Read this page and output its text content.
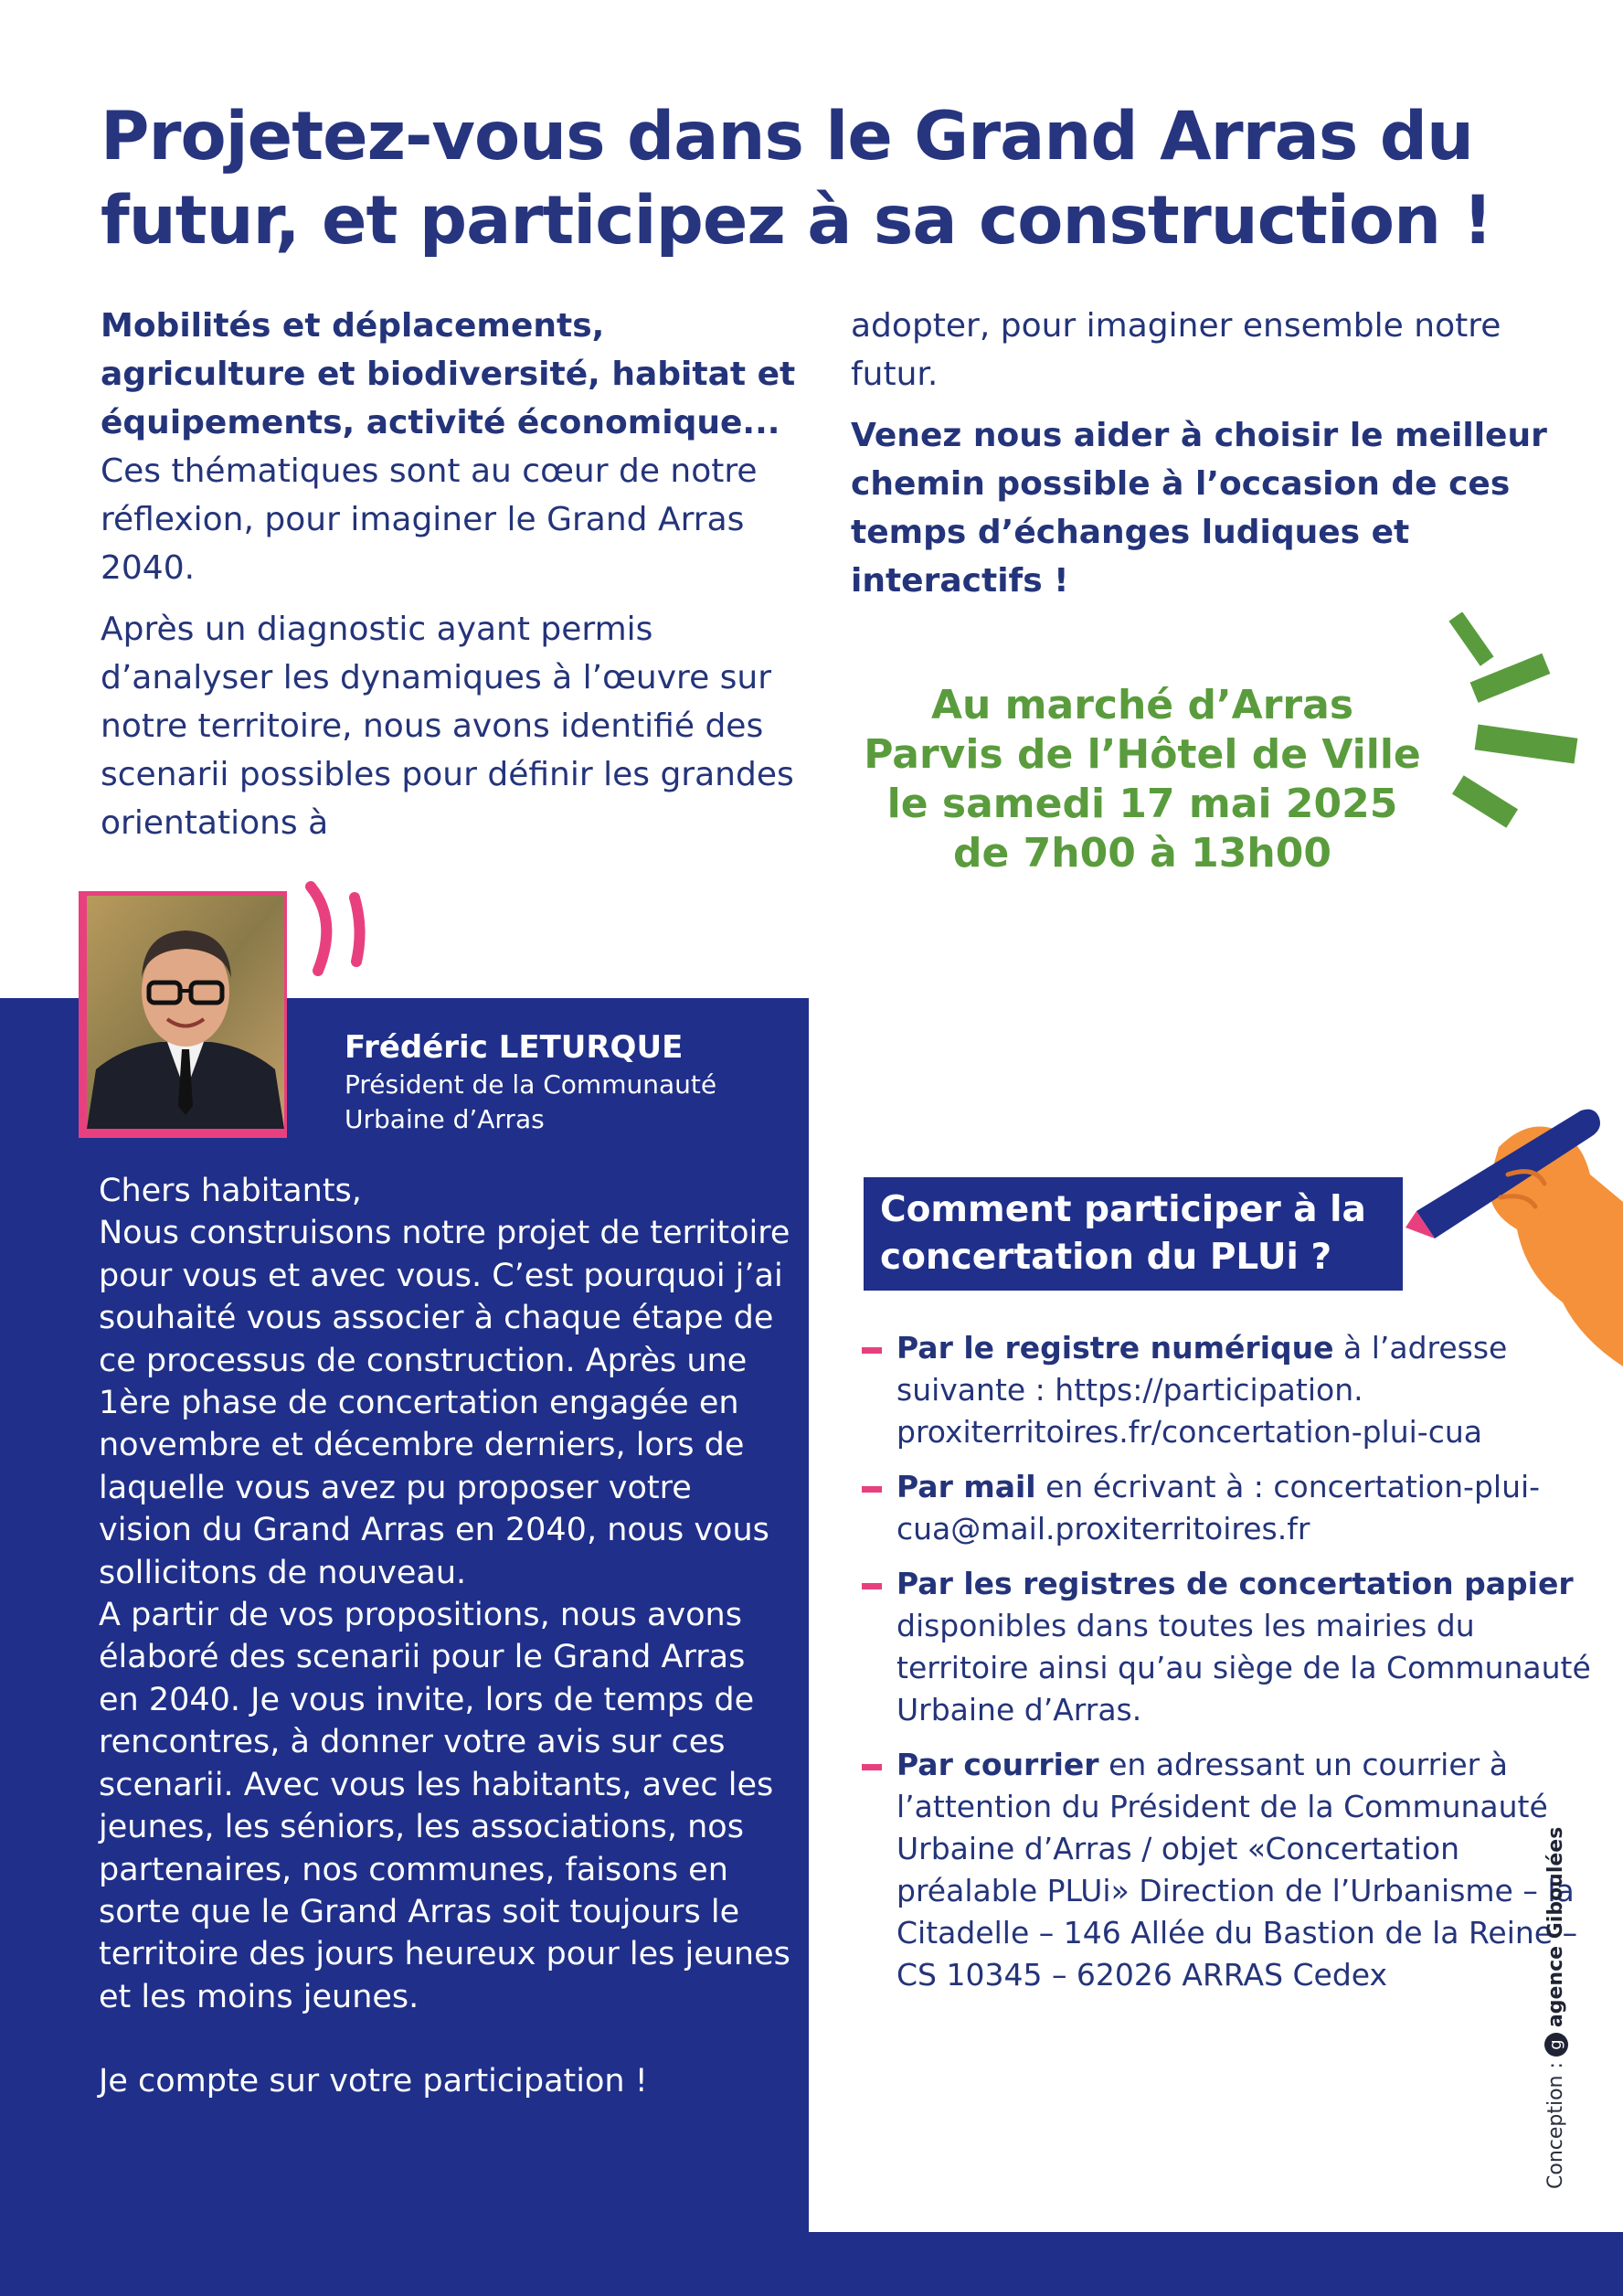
Projetez-vous dans le Grand Arras du futur, et participez à sa construction !

Mobilités et déplacements, agriculture et biodiversité, habitat et équipements, activité économique... Ces thématiques sont au cœur de notre réflexion, pour imaginer le Grand Arras 2040.

Après un diagnostic ayant permis d’analyser les dynamiques à l’œuvre sur notre territoire, nous avons identifié des scenarii possibles pour définir les grandes orientations à

adopter, pour imaginer ensemble notre futur.

Venez nous aider à choisir le meilleur chemin possible à l’occasion de ces temps d’échanges ludiques et interactifs !

Au marché d’Arras
Parvis de l’Hôtel de Ville
le samedi 17 mai 2025
de 7h00 à 13h00
Frédéric LETURQUE
Président de la Communauté Urbaine d’Arras

Chers habitants,

Nous construisons notre projet de territoire pour vous et avec vous. C’est pourquoi j’ai souhaité vous associer à chaque étape de ce processus de construction. Après une 1ère phase de concertation engagée en novembre et décembre derniers, lors de laquelle vous avez pu proposer votre vision du Grand Arras en 2040, nous vous sollicitons de nouveau.

A partir de vos propositions, nous avons élaboré des scenarii pour le Grand Arras en 2040. Je vous invite, lors de temps de rencontres, à donner votre avis sur ces scenarii. Avec vous les habitants, avec les jeunes, les séniors, les associations, nos partenaires, nos communes, faisons en sorte que le Grand Arras soit toujours le territoire des jours heureux pour les jeunes et les moins jeunes.

Je compte sur votre participation !

Comment participer à la concertation du PLUi ?

Par le registre numérique à l’adresse suivante : https://participation. proxiterritoires.fr/concertation-plui-cua

Par mail en écrivant à : concertation-plui-cua@mail.proxiterritoires.fr

Par les registres de concertation papier disponibles dans toutes les mairies du territoire ainsi qu’au siège de la Communauté Urbaine d’Arras.

Par courrier en adressant un courrier à l’attention du Président de la Communauté Urbaine d’Arras / objet «Concertation préalable PLUi» Direction de l’Urbanisme – la Citadelle – 146 Allée du Bastion de la Reine – CS 10345 – 62026 ARRAS Cedex

Conception :gagence Giboulées
